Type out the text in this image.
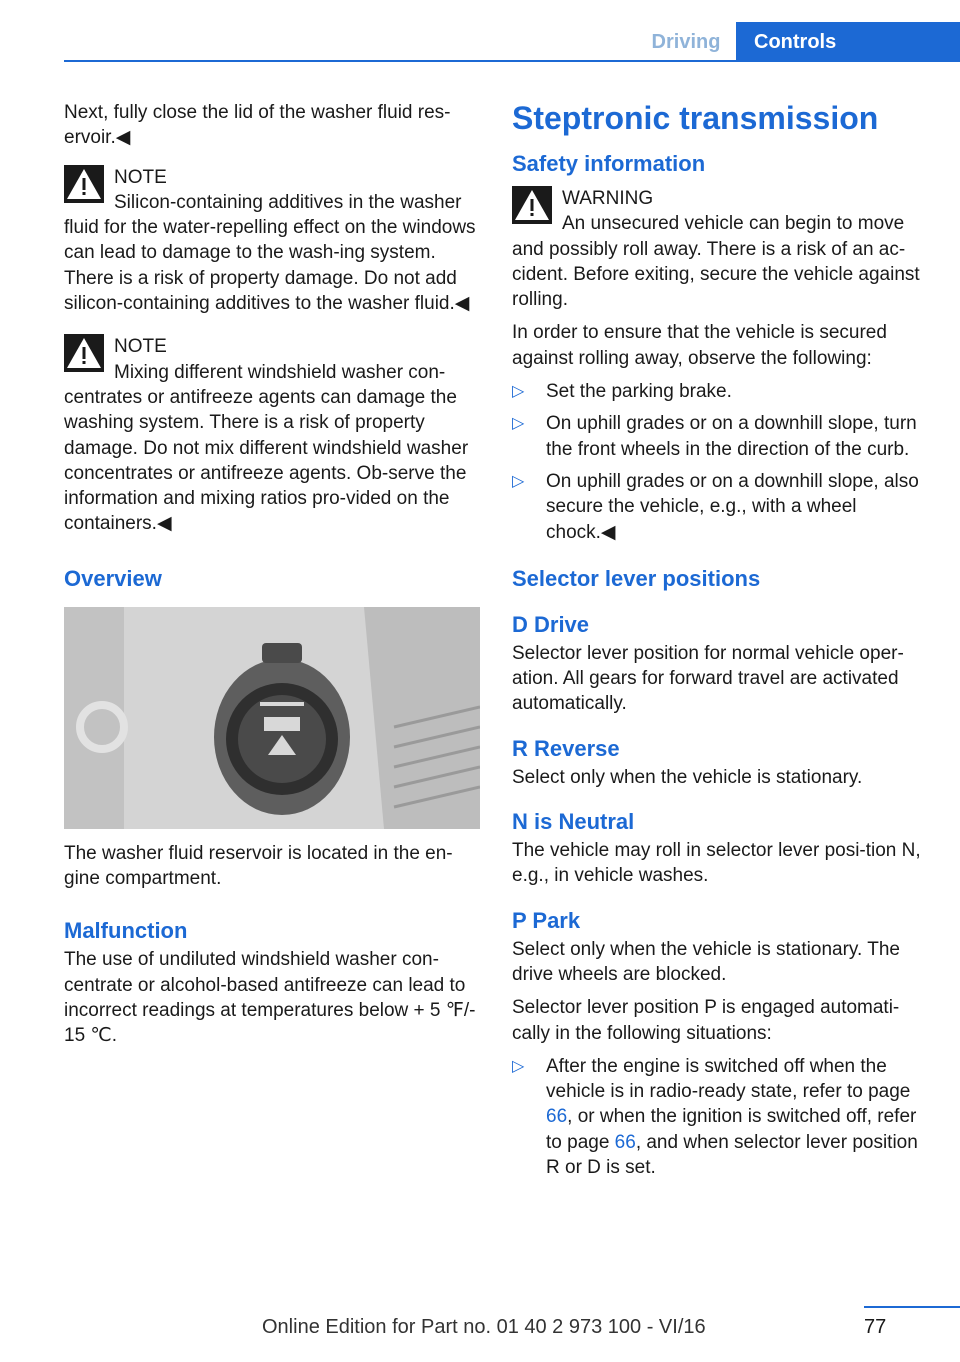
Driving	Controls

Next, fully close the lid of the washer fluid res‐ervoir.◀

NOTE
Silicon-containing additives in the washer fluid for the water-repelling effect on the windows can lead to damage to the wash‐ing system. There is a risk of property damage. Do not add silicon-containing additives to the washer fluid.◀
NOTE
Mixing different windshield washer con‐centrates or antifreeze agents can damage the washing system. There is a risk of property damage. Do not mix different windshield washer concentrates or antifreeze agents. Ob‐serve the information and mixing ratios pro‐vided on the containers.◀
Overview

The washer fluid reservoir is located in the en‐gine compartment.

Malfunction

The use of undiluted windshield washer con‐centrate or alcohol-based antifreeze can lead to incorrect readings at temperatures below + 5 ℉/- 15 ℃.

Steptronic transmission
Safety information
WARNING
An unsecured vehicle can begin to move and possibly roll away. There is a risk of an ac‐cident. Before exiting, secure the vehicle against rolling.

In order to ensure that the vehicle is secured against rolling away, observe the following:

▷ Set the parking brake.
▷ On uphill grades or on a downhill slope, turn the front wheels in the direction of the curb.
▷ On uphill grades or on a downhill slope, also secure the vehicle, e.g., with a wheel chock.◀
Selector lever positions
D Drive

Selector lever position for normal vehicle oper‐ation. All gears for forward travel are activated automatically.

R Reverse

Select only when the vehicle is stationary.

N is Neutral

The vehicle may roll in selector lever posi‐tion N, e.g., in vehicle washes.

P Park

Select only when the vehicle is stationary. The drive wheels are blocked.

Selector lever position P is engaged automati‐cally in the following situations:

▷ After the engine is switched off when the vehicle is in radio-ready state, refer to page 66, or when the ignition is switched off, refer to page 66, and when selector lever position R or D is set.
77
Online Edition for Part no. 01 40 2 973 100 - VI/16
